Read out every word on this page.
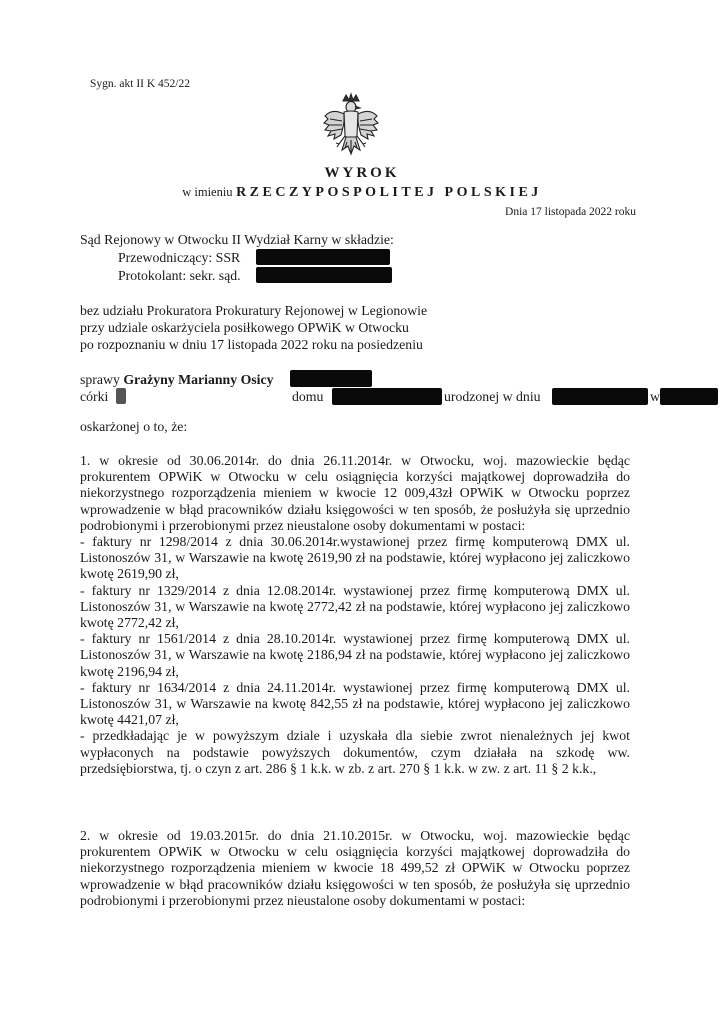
Sygn. akt II K 452/22
WYROK
w imieniu RZECZYPOSPOLITEJ POLSKIEJ
Dnia 17 listopada 2022 roku
Sąd Rejonowy w Otwocku II Wydział Karny w składzie:
Przewodniczący: SSR
Protokolant: sekr. sąd.
bez udziału Prokuratora Prokuratury Rejonowej w Legionowie
przy udziale oskarżyciela posiłkowego OPWiK w Otwocku
po rozpoznaniu w dniu 17 listopada 2022 roku na posiedzeniu
sprawy Grażyny Marianny Osicy
córki	domu	urodzonej w dniu	w
oskarżonej o to, że:

1. w okresie od 30.06.2014r. do dnia 26.11.2014r. w Otwocku, woj. mazowieckie będąc prokurentem OPWiK w Otwocku w celu osiągnięcia korzyści majątkowej doprowadziła do niekorzystnego rozporządzenia mieniem w kwocie 12 009,43zł OPWiK w Otwocku poprzez wprowadzenie w błąd pracowników działu księgowości w ten sposób, że posłużyła się uprzednio podrobionymi i przerobionymi przez nieustalone osoby dokumentami w postaci:

- faktury nr 1298/2014 z dnia 30.06.2014r.wystawionej przez firmę komputerową DMX ul. Listonoszów 31, w Warszawie na kwotę 2619,90 zł na podstawie, której wypłacono jej zaliczkowo kwotę 2619,90 zł,

- faktury nr 1329/2014 z dnia 12.08.2014r. wystawionej przez firmę komputerową DMX ul. Listonoszów 31, w Warszawie na kwotę 2772,42 zł na podstawie, której wypłacono jej zaliczkowo kwotę 2772,42 zł,

- faktury nr 1561/2014 z dnia 28.10.2014r. wystawionej przez firmę komputerową DMX ul. Listonoszów 31, w Warszawie na kwotę 2186,94 zł na podstawie, której wypłacono jej zaliczkowo kwotę 2196,94 zł,

- faktury nr 1634/2014 z dnia 24.11.2014r. wystawionej przez firmę komputerową DMX ul. Listonoszów 31, w Warszawie na kwotę 842,55 zł na podstawie, której wypłacono jej zaliczkowo kwotę 4421,07 zł,

- przedkładając je w powyższym dziale i uzyskała dla siebie zwrot nienależnych jej kwot wypłaconych na podstawie powyższych dokumentów, czym działała na szkodę ww. przedsiębiorstwa, tj. o czyn z art. 286 § 1 k.k. w zb. z art. 270 § 1 k.k. w zw. z art. 11 § 2 k.k.,

2. w okresie od 19.03.2015r. do dnia 21.10.2015r. w Otwocku, woj. mazowieckie będąc prokurentem OPWiK w Otwocku w celu osiągnięcia korzyści majątkowej doprowadziła do niekorzystnego rozporządzenia mieniem w kwocie 18 499,52 zł OPWiK w Otwocku poprzez wprowadzenie w błąd pracowników działu księgowości w ten sposób, że posłużyła się uprzednio podrobionymi i przerobionymi przez nieustalone osoby dokumentami w postaci:
